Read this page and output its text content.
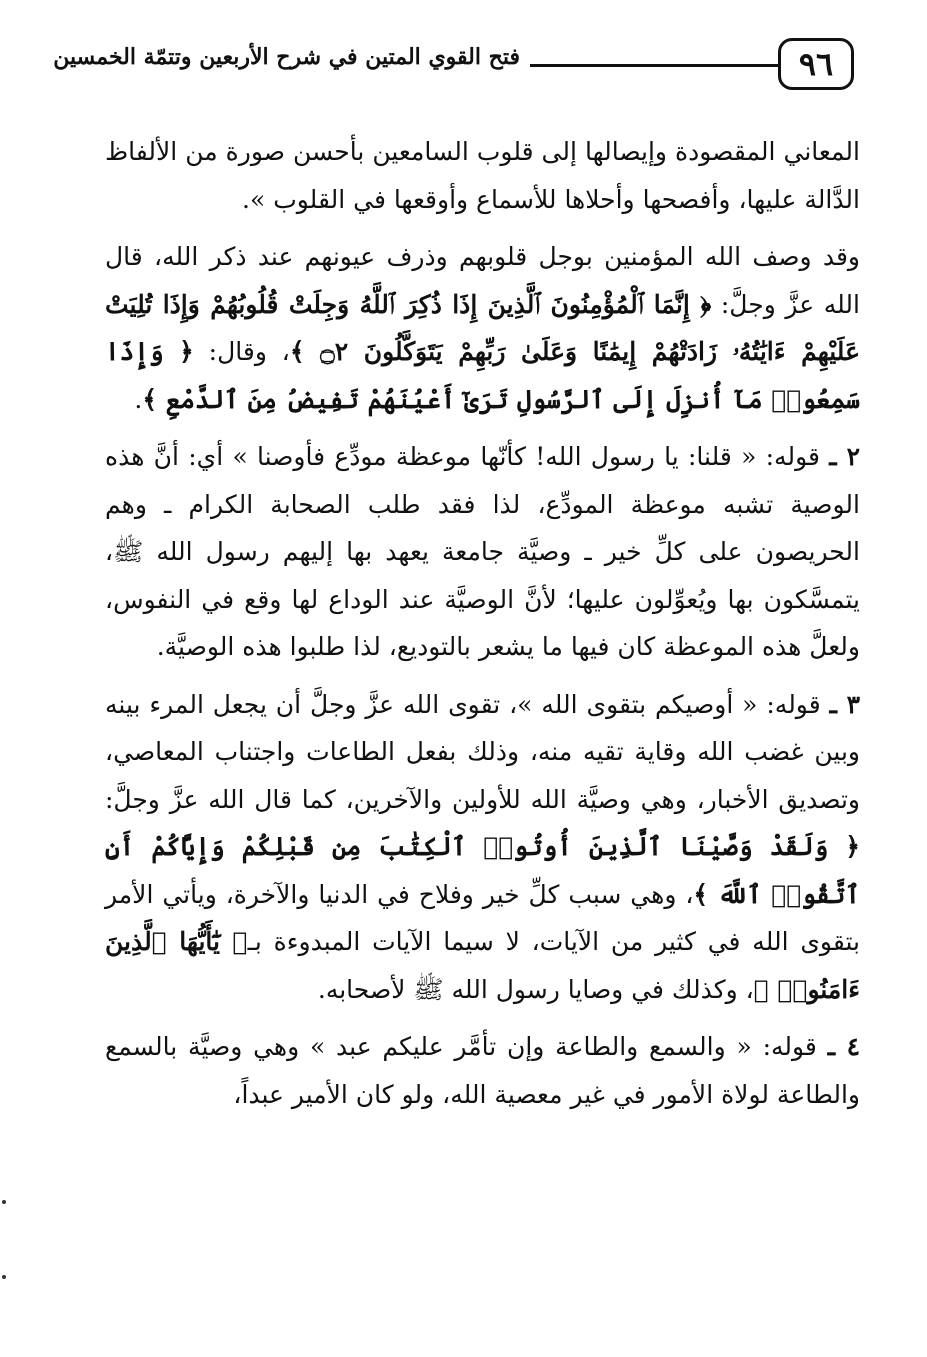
٩٦
فتح القوي المتين في شرح الأربعين وتتمّة الخمسين

المعاني المقصودة وإيصالها إلى قلوب السامعين بأحسن صورة من الألفاظ الدَّالة عليها، وأفصحها وأحلاها للأسماع وأوقعها في القلوب ».

وقد وصف الله المؤمنين بوجل قلوبهم وذرف عيونهم عند ذكر الله، قال الله عزَّ وجلَّ: ﴿ إِنَّمَا ٱلْمُؤْمِنُونَ ٱلَّذِينَ إِذَا ذُكِرَ ٱللَّهُ وَجِلَتْ قُلُوبُهُمْ وَإِذَا تُلِيَتْ عَلَيْهِمْ ءَايَٰتُهُۥ زَادَتْهُمْ إِيمَٰنًا وَعَلَىٰ رَبِّهِمْ يَتَوَكَّلُونَ ۝٢ ﴾، وقال: ﴿ وَإِذَا سَمِعُوا۟ مَآ أُنزِلَ إِلَى ٱلرَّسُولِ تَرَىٰٓ أَعْيُنَهُمْ تَفِيضُ مِنَ ٱلدَّمْعِ ﴾.

٢ ـ قوله: « قلنا: يا رسول الله! كأنّها موعظة مودِّع فأوصنا » أي: أنَّ هذه الوصية تشبه موعظة المودِّع، لذا فقد طلب الصحابة الكرام ـ وهم الحريصون على كلِّ خير ـ وصيَّة جامعة يعهد بها إليهم رسول الله ﷺ، يتمسَّكون بها ويُعوِّلون عليها؛ لأنَّ الوصيَّة عند الوداع لها وقع في النفوس، ولعلَّ هذه الموعظة كان فيها ما يشعر بالتوديع، لذا طلبوا هذه الوصيَّة.

٣ ـ قوله: « أوصيكم بتقوى الله »، تقوى الله عزَّ وجلَّ أن يجعل المرء بينه وبين غضب الله وقاية تقيه منه، وذلك بفعل الطاعات واجتناب المعاصي، وتصديق الأخبار، وهي وصيَّة الله للأولين والآخرين، كما قال الله عزَّ وجلَّ: ﴿ وَلَقَدْ وَصَّيْنَا ٱلَّذِينَ أُوتُوا۟ ٱلْكِتَٰبَ مِن قَبْلِكُمْ وَإِيَّاكُمْ أَنِ ٱتَّقُوا۟ ٱللَّهَ ﴾، وهي سبب كلِّ خير وفلاح في الدنيا والآخرة، ويأتي الأمر بتقوى الله في كثير من الآيات، لا سيما الآيات المبدوءة بـ﴿ يَٰٓأَيُّهَا ٱلَّذِينَ ءَامَنُوا۟ ﴾، وكذلك في وصايا رسول الله ﷺ لأصحابه.

٤ ـ قوله: « والسمع والطاعة وإن تأمَّر عليكم عبد » وهي وصيَّة بالسمع والطاعة لولاة الأمور في غير معصية الله، ولو كان الأمير عبداً،
